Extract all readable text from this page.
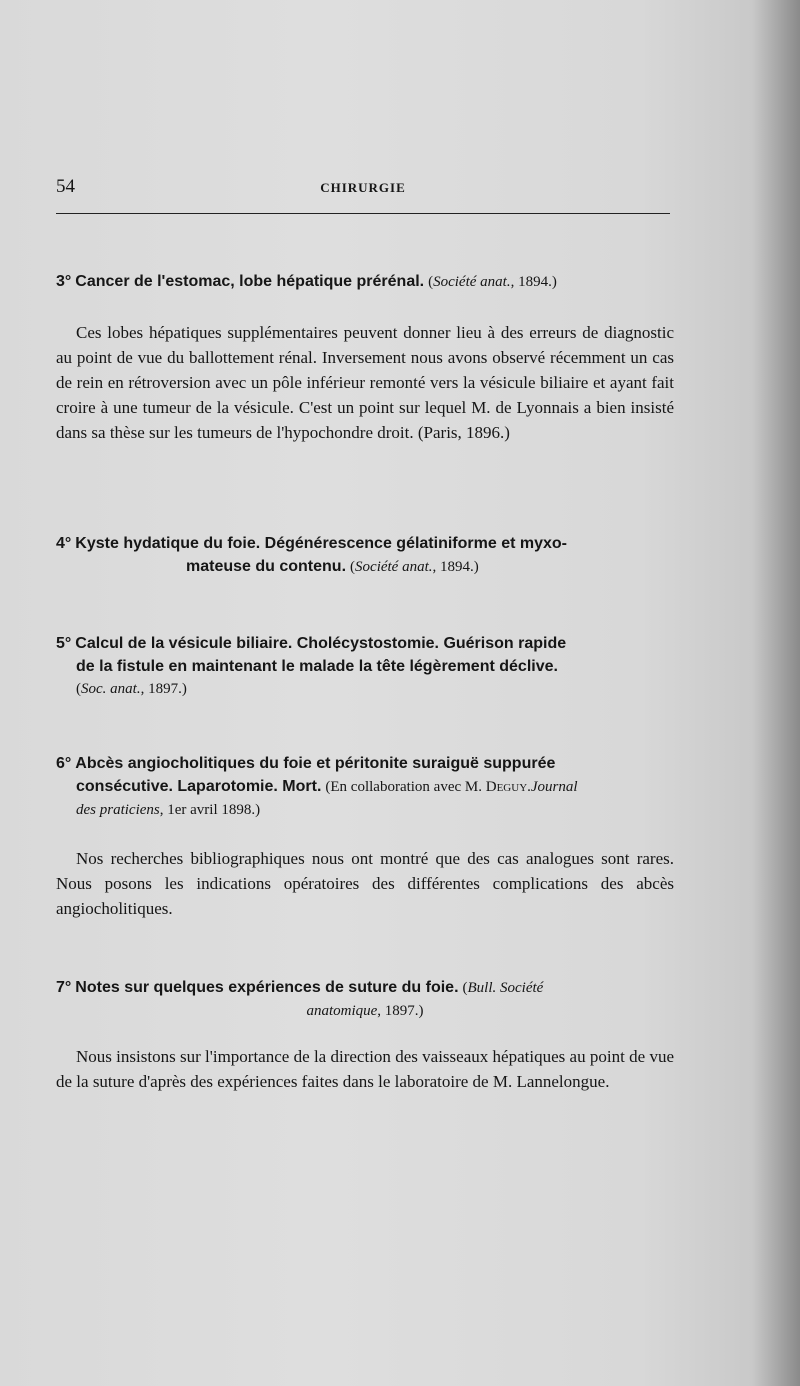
54	CHIRURGIE
3° Cancer de l'estomac, lobe hépatique prérénal. (Société anat., 1894.)
Ces lobes hépatiques supplémentaires peuvent donner lieu à des erreurs de diagnostic au point de vue du ballottement rénal. Inversement nous avons observé récemment un cas de rein en rétroversion avec un pôle inférieur remonté vers la vésicule biliaire et ayant fait croire à une tumeur de la vésicule. C'est un point sur lequel M. de Lyonnais a bien insisté dans sa thèse sur les tumeurs de l'hypochondre droit. (Paris, 1896.)
4° Kyste hydatique du foie. Dégénérescence gélatiniforme et myxo-
mateuse du contenu. (Société anat., 1894.)
5° Calcul de la vésicule biliaire. Cholécystostomie. Guérison rapide
de la fistule en maintenant le malade la tête légèrement déclive.
(Soc. anat., 1897.)
6° Abcès angiocholitiques du foie et péritonite suraiguë suppurée
consécutive. Laparotomie. Mort. (En collaboration avec M. Deguy.Journal
des praticiens, 1er avril 1898.)
Nos recherches bibliographiques nous ont montré que des cas analogues sont rares. Nous posons les indications opératoires des différentes complications des abcès angiocholitiques.
7° Notes sur quelques expériences de suture du foie. (Bull. Société
anatomique, 1897.)
Nous insistons sur l'importance de la direction des vaisseaux hépatiques au point de vue de la suture d'après des expériences faites dans le laboratoire de M. Lannelongue.
